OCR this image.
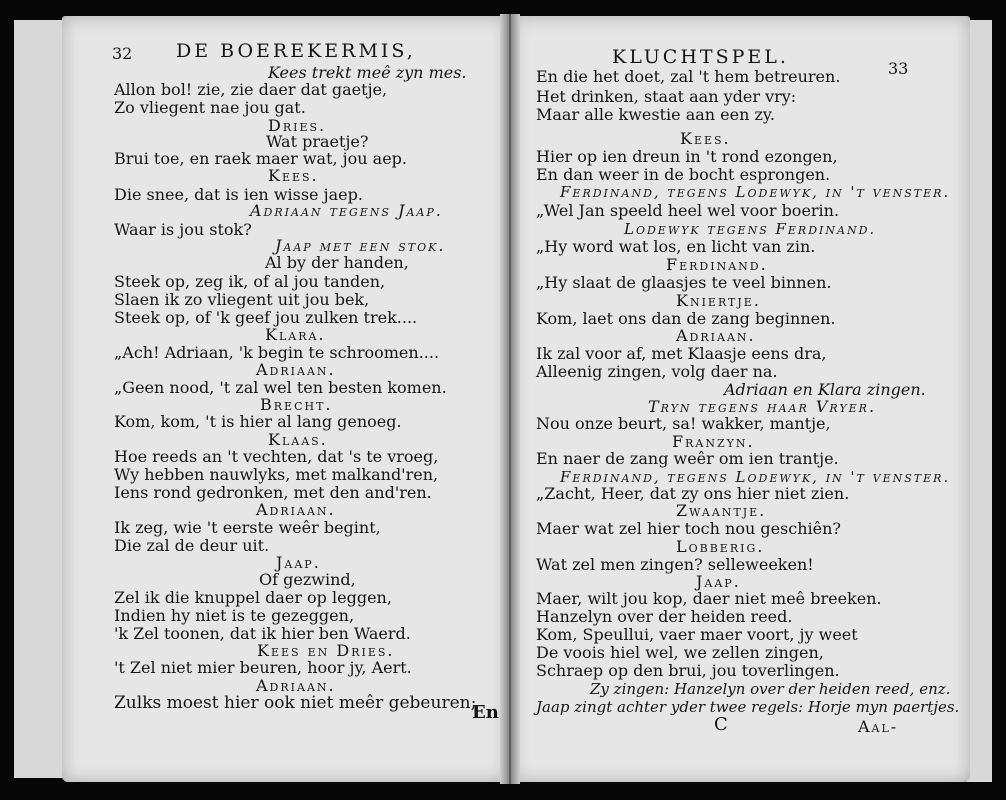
32 DE BOEREKERMIS,
Kees trekt meê zyn mes.
Allon bol! zie, zie daer dat gaetje,
Zo vliegent nae jou gat.
Dries.
Wat praetje?
Brui toe, en raek maer wat, jou aep.
Kees.
Die snee, dat is ien wisse jaep.
Adriaan tegens Jaap.
Waar is jou stok?
Jaap met een stok.
Al by der handen,
Steek op, zeg ik, of al jou tanden,
Slaen ik zo vliegent uit jou bek,
Steek op, of 'k geef jou zulken trek....
Klara.
„Ach! Adriaan, 'k begin te schroomen....
Adriaan.
„Geen nood, 't zal wel ten besten komen.
Brecht.
Kom, kom, 't is hier al lang genoeg.
Klaas.
Hoe reeds an 't vechten, dat 's te vroeg,
Wy hebben nauwlyks, met malkand'ren,
Iens rond gedronken, met den and'ren.
Adriaan.
Ik zeg, wie 't eerste weêr begint,
Die zal de deur uit.
Jaap.
Of gezwind,
Zel ik die knuppel daer op leggen,
Indien hy niet is te gezeggen,
'k Zel toonen, dat ik hier ben Waerd.
Kees en Dries.
't Zel niet mier beuren, hoor jy, Aert.
Adriaan.
Zulks moest hier ook niet meêr gebeuren;
En
KLUCHTSPEL.
33
En die het doet, zal 't hem betreuren.
Het drinken, staat aan yder vry:
Maar alle kwestie aan een zy.
Kees.
Hier op ien dreun in 't rond ezongen,
En dan weer in de bocht esprongen.
Ferdinand, tegens Lodewyk, in 't venster.
„Wel Jan speeld heel wel voor boerin.
Lodewyk tegens Ferdinand.
„Hy word wat los, en licht van zin.
Ferdinand.
„Hy slaat de glaasjes te veel binnen.
Kniertje.
Kom, laet ons dan de zang beginnen.
Adriaan.
Ik zal voor af, met Klaasje eens dra,
Alleenig zingen, volg daer na.
Adriaan en Klara zingen.
Tryn tegens haar Vryer.
Nou onze beurt, sa! wakker, mantje,
Franzyn.
En naer de zang weêr om ien trantje.
Ferdinand, tegens Lodewyk, in 't venster.
„Zacht, Heer, dat zy ons hier niet zien.
Zwaantje.
Maer wat zel hier toch nou geschiên?
Lobberig.
Wat zel men zingen? selleweeken!
Jaap.
Maer, wilt jou kop, daer niet meê breeken.
Hanzelyn over der heiden reed.
Kom, Speullui, vaer maer voort, jy weet
De voois hiel wel, we zellen zingen,
Schraep op den brui, jou toverlingen.
Zy zingen: Hanzelyn over der heiden reed, enz.
Jaap zingt achter yder twee regels: Horje myn paertjes.
C	Aal-
